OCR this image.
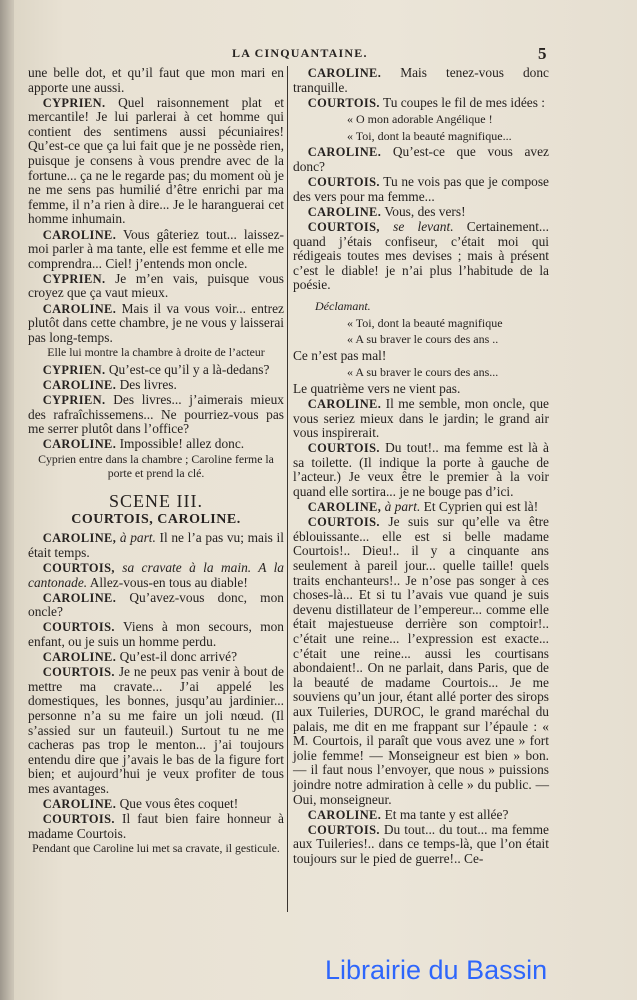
LA CINQUANTAINE.	5

une belle dot, et qu’il faut que mon mari en apporte une aussi.

CYPRIEN. Quel raisonnement plat et mercantile! Je lui parlerai à cet homme qui contient des sentimens aussi pécuniaires! Qu’est-ce que ça lui fait que je ne possède rien, puisque je consens à vous prendre avec de la fortune... ça ne le regarde pas; du moment où je ne me sens pas humilié d’être enrichi par ma femme, il n’a rien à dire... Je le haranguerai cet homme inhumain.

CAROLINE. Vous gâteriez tout... laissez-moi parler à ma tante, elle est femme et elle me comprendra... Ciel! j’entends mon oncle.

CYPRIEN. Je m’en vais, puisque vous croyez que ça vaut mieux.

CAROLINE. Mais il va vous voir... entrez plutôt dans cette chambre, je ne vous y laisserai pas long-temps.

Elle lui montre la chambre à droite de l’acteur

CYPRIEN. Qu’est-ce qu’il y a là-dedans?

CAROLINE. Des livres.

CYPRIEN. Des livres... j’aimerais mieux des rafraîchissemens... Ne pourriez-vous pas me serrer plutôt dans l’office?

CAROLINE. Impossible! allez donc.

Cyprien entre dans la chambre ; Caroline ferme la porte et prend la clé.

SCENE III.

COURTOIS, CAROLINE.

CAROLINE, à part. Il ne l’a pas vu; mais il était temps.

COURTOIS, sa cravate à la main. A la cantonade. Allez-vous-en tous au diable!

CAROLINE. Qu’avez-vous donc, mon oncle?

COURTOIS. Viens à mon secours, mon enfant, ou je suis un homme perdu.

CAROLINE. Qu’est-il donc arrivé?

COURTOIS. Je ne peux pas venir à bout de mettre ma cravate... J’ai appelé les domestiques, les bonnes, jusqu’au jardinier... personne n’a su me faire un joli nœud. (Il s’assied sur un fauteuil.) Surtout tu ne me cacheras pas trop le menton... j’ai toujours entendu dire que j’avais le bas de la figure fort bien; et aujourd’hui je veux profiter de tous mes avantages.

CAROLINE. Que vous êtes coquet!

COURTOIS. Il faut bien faire honneur à madame Courtois.

Pendant que Caroline lui met sa cravate, il gesticule.

CAROLINE. Mais tenez-vous donc tranquille.

COURTOIS. Tu coupes le fil de mes idées :

« O mon adorable Angélique !

« Toi, dont la beauté magnifique...

CAROLINE. Qu’est-ce que vous avez donc?

COURTOIS. Tu ne vois pas que je compose des vers pour ma femme...

CAROLINE. Vous, des vers!

COURTOIS, se levant. Certainement... quand j’étais confiseur, c’était moi qui rédigeais toutes mes devises ; mais à présent c’est le diable! je n’ai plus l’habitude de la poésie.

Déclamant.

« Toi, dont la beauté magnifique

« A su braver le cours des ans ..

Ce n’est pas mal!

« A su braver le cours des ans...

Le quatrième vers ne vient pas.

CAROLINE. Il me semble, mon oncle, que vous seriez mieux dans le jardin; le grand air vous inspirerait.

COURTOIS. Du tout!.. ma femme est là à sa toilette. (Il indique la porte à gauche de l’acteur.) Je veux être le premier à la voir quand elle sortira... je ne bouge pas d’ici.

CAROLINE, à part. Et Cyprien qui est là!

COURTOIS. Je suis sur qu’elle va être éblouissante... elle est si belle madame Courtois!.. Dieu!.. il y a cinquante ans seulement à pareil jour... quelle taille! quels traits enchanteurs!.. Je n’ose pas songer à ces choses-là... Et si tu l’avais vue quand je suis devenu distillateur de l’empereur... comme elle était majestueuse derrière son comptoir!.. c’était une reine... l’expression est exacte... c’était une reine... aussi les courtisans abondaient!.. On ne parlait, dans Paris, que de la beauté de madame Courtois... Je me souviens qu’un jour, étant allé porter des sirops aux Tuileries, DUROC, le grand maréchal du palais, me dit en me frappant sur l’épaule : « M. Courtois, il paraît que vous avez une » fort jolie femme! — Monseigneur est bien » bon. — il faut nous l’envoyer, que nous » puissions joindre notre admiration à celle » du public. — Oui, monseigneur.

CAROLINE. Et ma tante y est allée?

COURTOIS. Du tout... du tout... ma femme aux Tuileries!.. dans ce temps-là, que l’on était toujours sur le pied de guerre!.. Ce-

Librairie du Bassin
